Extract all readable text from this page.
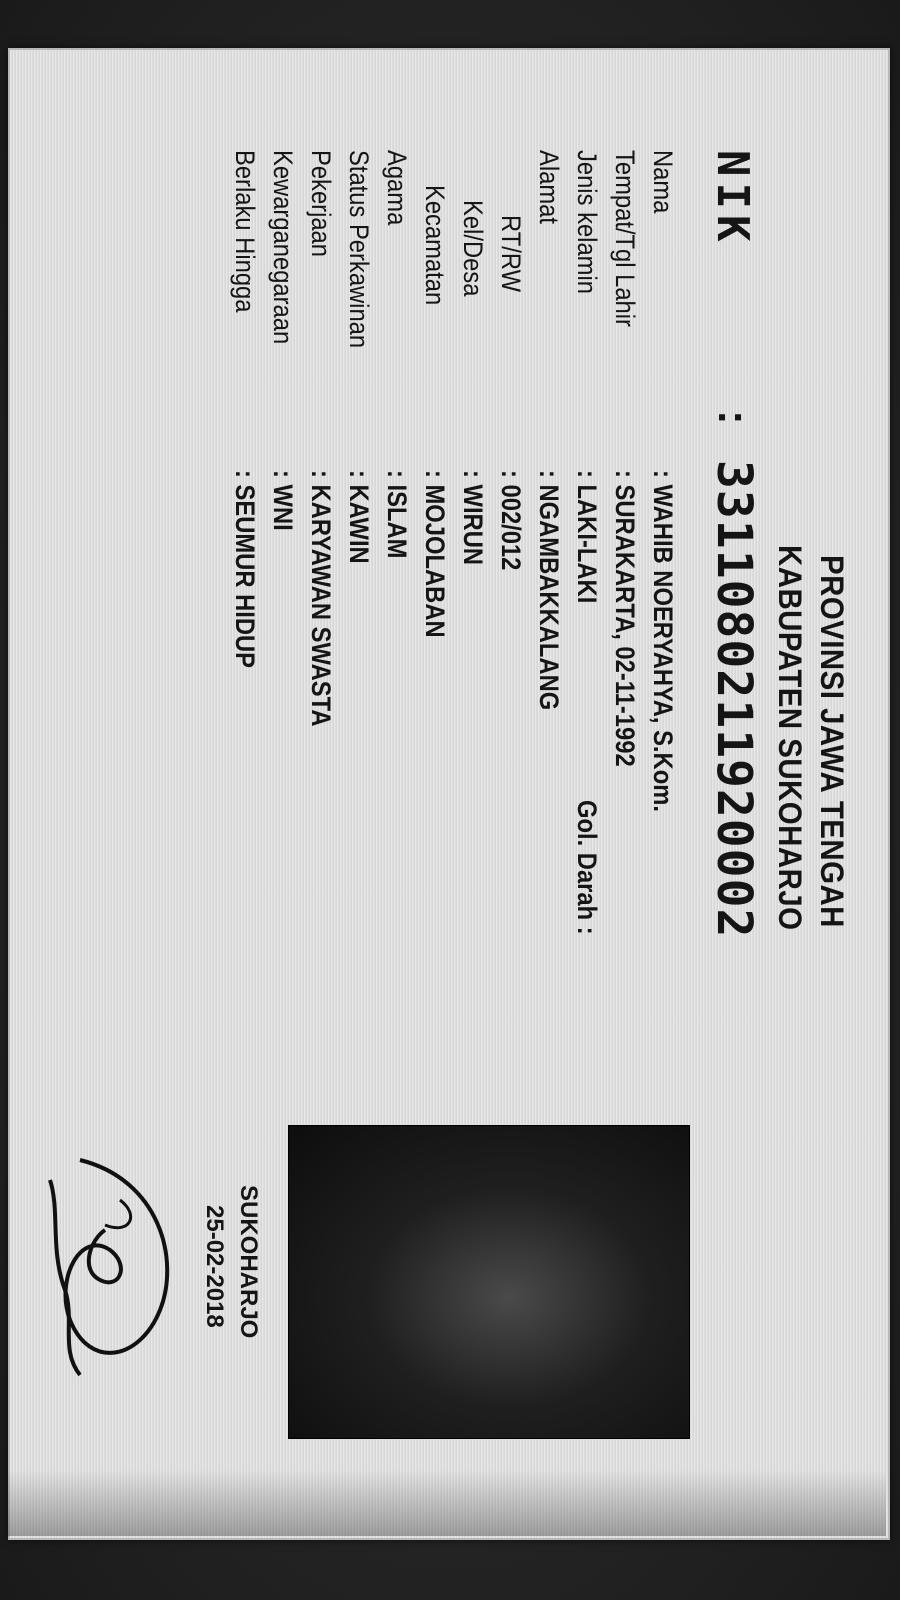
PROVINSI JAWA TENGAH
KABUPATEN SUKOHARJO
NIK
:
3311080211920002
Nama
: WAHIB NOERYAHYA, S.Kom.
Tempat/Tgl Lahir
: SURAKARTA, 02-11-1992
Jenis kelamin
: LAKI-LAKI
Gol. Darah :
Alamat
: NGAMBAKKALANG
RT/RW
: 002/012
Kel/Desa
: WIRUN
Kecamatan
: MOJOLABAN
Agama
: ISLAM
Status Perkawinan
: KAWIN
Pekerjaan
: KARYAWAN SWASTA
Kewarganegaraan
: WNI
Berlaku Hingga
: SEUMUR HIDUP
SUKOHARJO
25-02-2018
